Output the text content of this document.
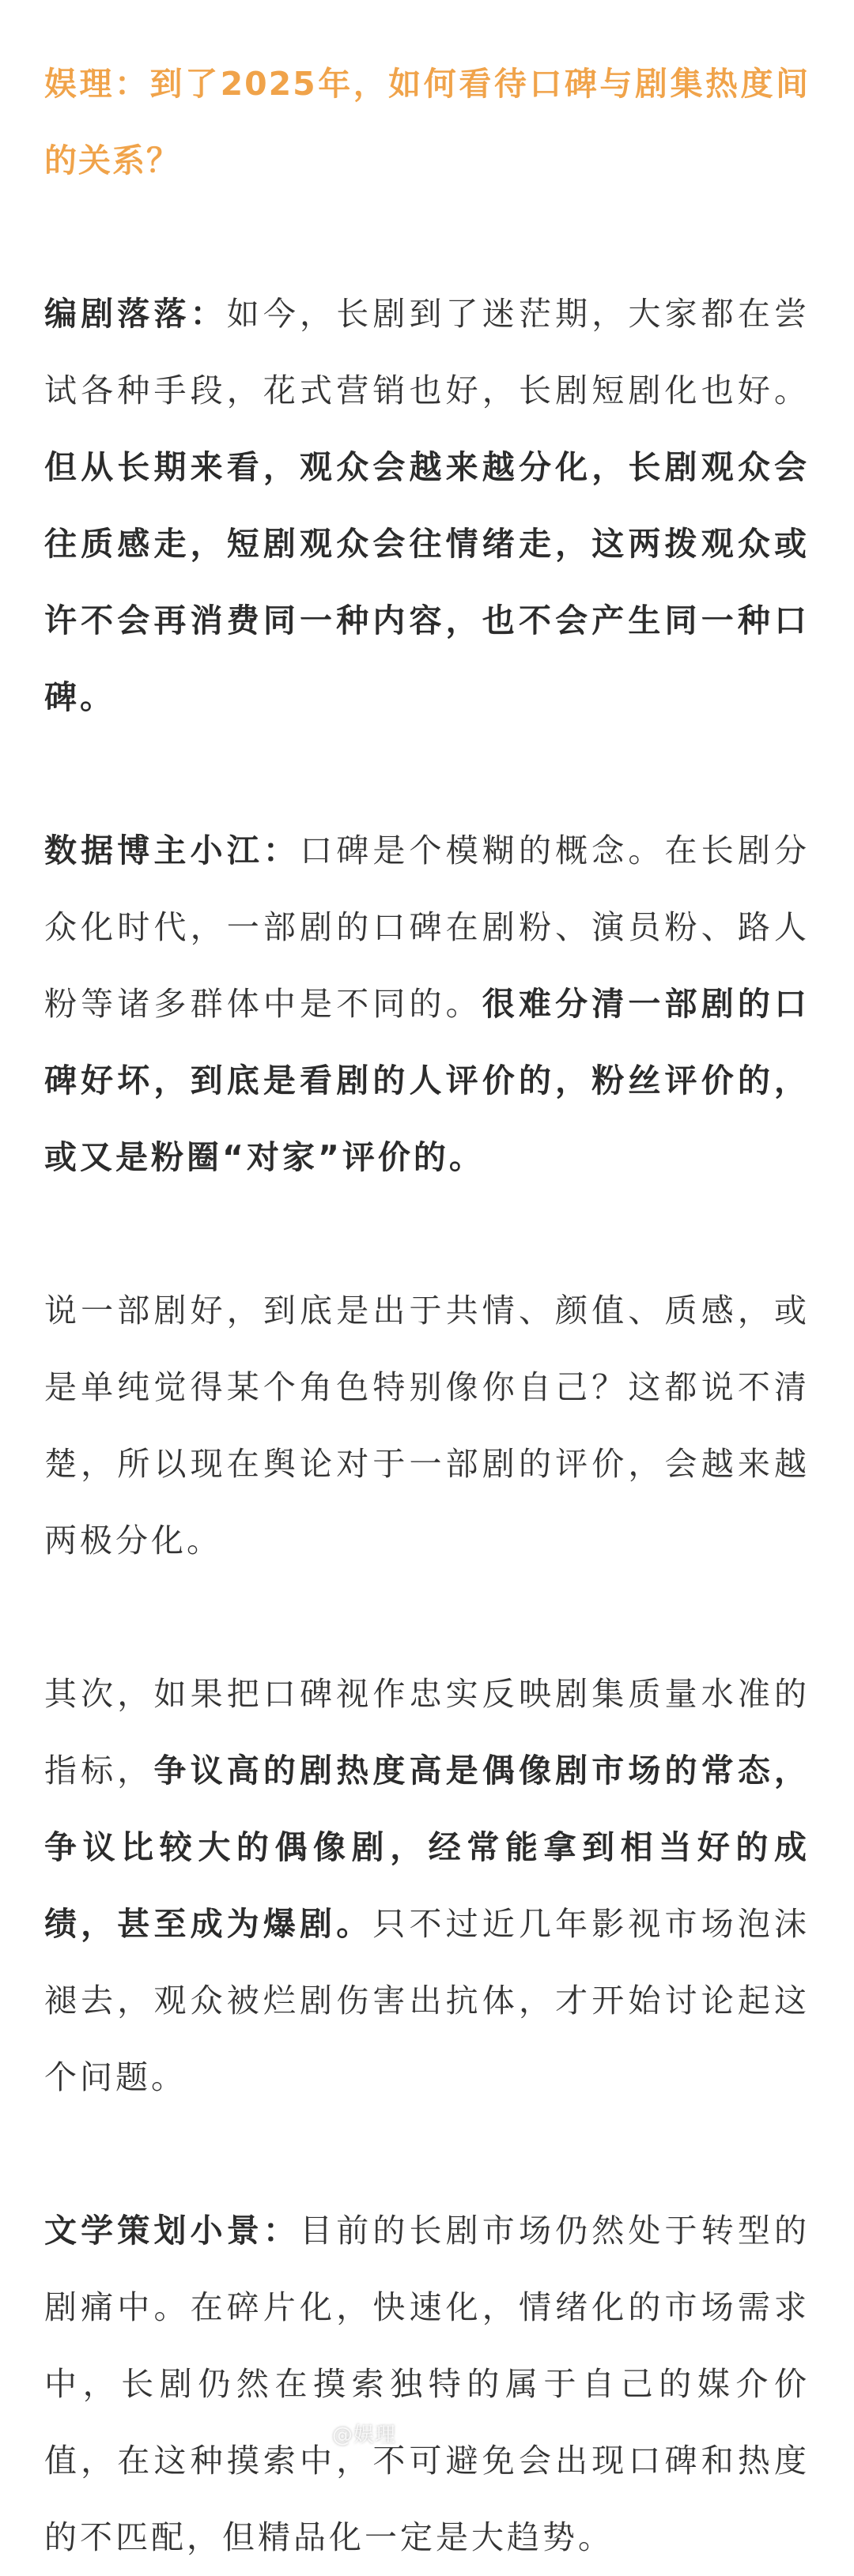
娱理：到了2025年，如何看待口碑与剧集热度间的关系？

编剧落落：如今，长剧到了迷茫期，大家都在尝试各种手段，花式营销也好，长剧短剧化也好。但从长期来看，观众会越来越分化，长剧观众会往质感走，短剧观众会往情绪走，这两拨观众或许不会再消费同一种内容，也不会产生同一种口碑。

数据博主小江：口碑是个模糊的概念。在长剧分众化时代，一部剧的口碑在剧粉、演员粉、路人粉等诸多群体中是不同的。很难分清一部剧的口碑好坏，到底是看剧的人评价的，粉丝评价的，或又是粉圈“对家”评价的。

说一部剧好，到底是出于共情、颜值、质感，或是单纯觉得某个角色特别像你自己？这都说不清楚，所以现在舆论对于一部剧的评价，会越来越两极分化。

其次，如果把口碑视作忠实反映剧集质量水准的指标，争议高的剧热度高是偶像剧市场的常态，争议比较大的偶像剧，经常能拿到相当好的成绩，甚至成为爆剧。只不过近几年影视市场泡沫褪去，观众被烂剧伤害出抗体，才开始讨论起这个问题。

文学策划小景：目前的长剧市场仍然处于转型的剧痛中。在碎片化，快速化，情绪化的市场需求中，长剧仍然在摸索独特的属于自己的媒介价值，在这种摸索中，不可避免会出现口碑和热度的不匹配，但精品化一定是大趋势。

@娱理
